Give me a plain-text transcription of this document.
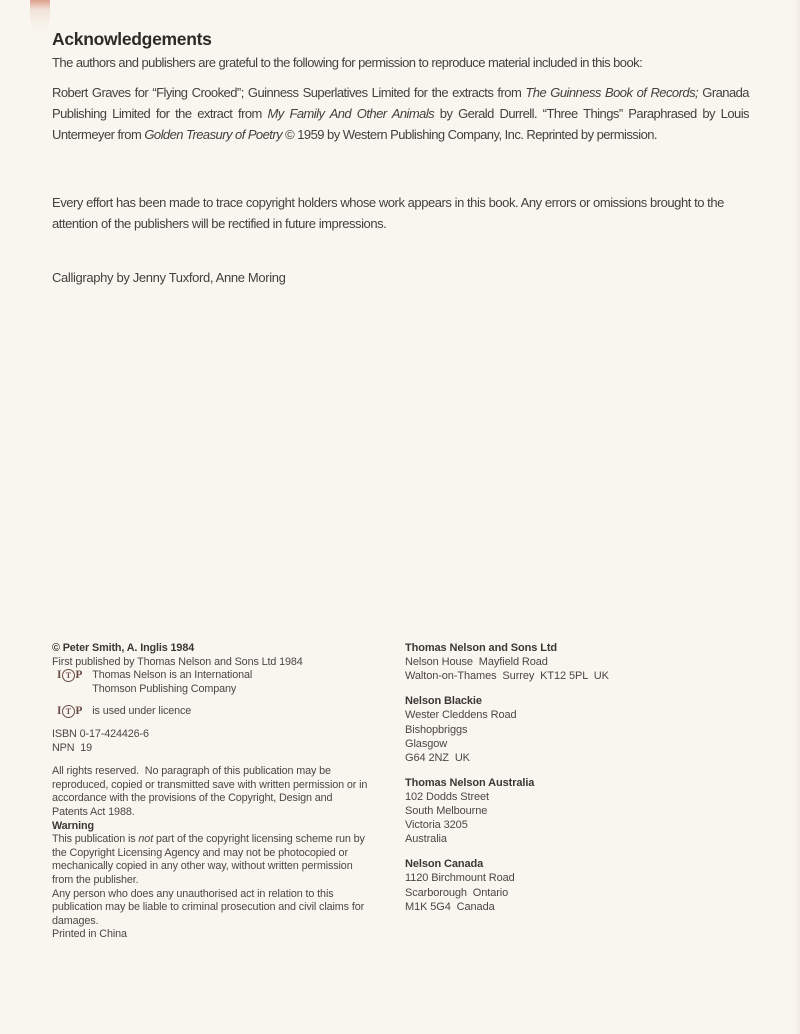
Acknowledgements

The authors and publishers are grateful to the following for permission to reproduce material included in this book:

Robert Graves for “Flying Crooked”; Guinness Superlatives Limited for the extracts from The Guinness Book of Records; Granada Publishing Limited for the extract from My Family And Other Animals by Gerald Durrell. “Three Things” Paraphrased by Louis Untermeyer from Golden Treasury of Poetry © 1959 by Western Publishing Company, Inc. Reprinted by permission.

Every effort has been made to trace copyright holders whose work appears in this book. Any errors or omissions brought to the attention of the publishers will be rectified in future impressions.

Calligraphy by Jenny Tuxford, Anne Moring

© Peter Smith, A. Inglis 1984

First published by Thomas Nelson and Sons Ltd 1984

I T P Thomas Nelson is an International
Thomson Publishing Company
I T P is used under licence

ISBN 0-17-424426-6

NPN  19

All rights reserved.  No paragraph of this publication may be reproduced, copied or transmitted save with written permission or in accordance with the provisions of the Copyright, Design and Patents Act 1988.

Warning

This publication is not part of the copyright licensing scheme run by the Copyright Licensing Agency and may not be photocopied or mechanically copied in any other way, without written permission from the publisher.

Any person who does any unauthorised act in relation to this publication may be liable to criminal prosecution and civil claims for damages.

Printed in China

Thomas Nelson and Sons Ltd
Nelson House  Mayfield Road
Walton-on-Thames  Surrey  KT12 5PL  UK
Nelson Blackie
Wester Cleddens Road
Bishopbriggs
Glasgow
G64 2NZ  UK
Thomas Nelson Australia
102 Dodds Street
South Melbourne
Victoria 3205
Australia
Nelson Canada
1120 Birchmount Road
Scarborough  Ontario
M1K 5G4  Canada
